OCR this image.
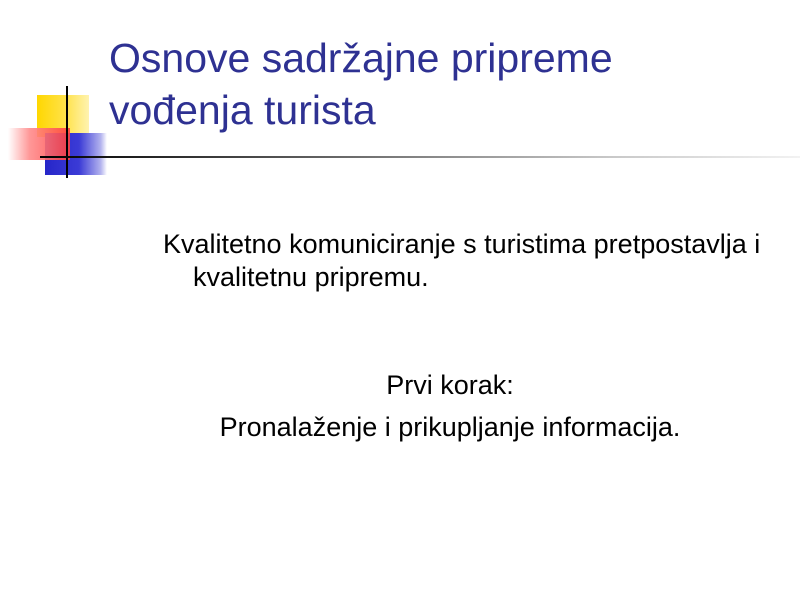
Osnove sadržajne pripreme
vođenja turista

Kvalitetno komuniciranje s turistima pretpostavlja i kvalitetnu pripremu.

Prvi korak:
Pronalaženje i prikupljanje informacija.
